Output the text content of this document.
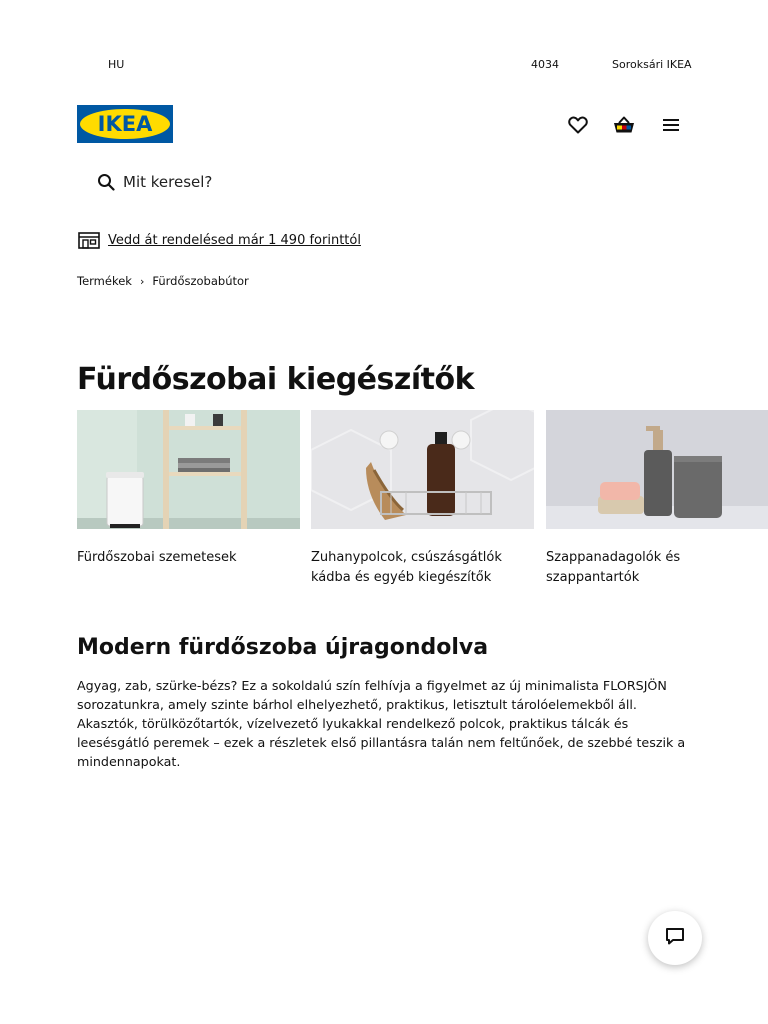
HU	4034	Soroksári IKEA
IKEA
Mit keresel?
Vedd át rendelésed már 1 490 forinttól
Termékek › Fürdőszobabútor
Fürdőszobai kiegészítők
Fürdőszobai szemetesek	Zuhanypolcok, csúszásgátlók kádba és egyéb kiegészítők
Szappanadagolók és szappantartók
Modern fürdőszoba újragondolva

Agyag, zab, szürke-bézs? Ez a sokoldalú szín felhívja a figyelmet az új minimalista FLORSJÖN sorozatunkra, amely szinte bárhol elhelyezhető, praktikus, letisztult tárolóelemekből áll. Akasztók, törülközőtartók, vízelvezető lyukakkal rendelkező polcok, praktikus tálcák és leesésgátló peremek – ezek a részletek első pillantásra talán nem feltűnőek, de szebbé teszik a mindennapokat.
